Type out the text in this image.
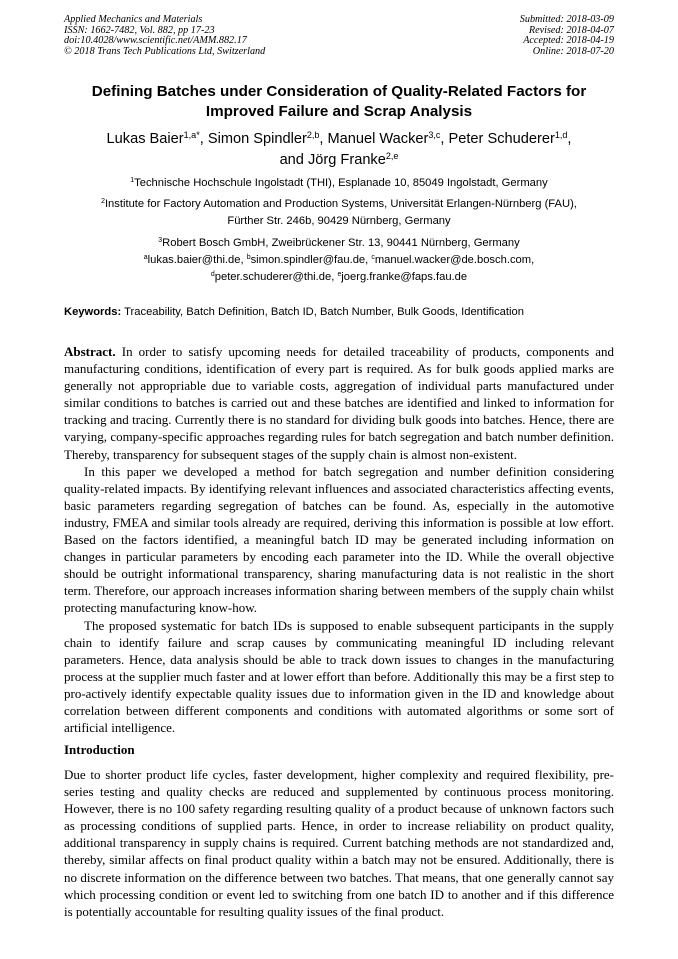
Applied Mechanics and Materials
ISSN: 1662-7482, Vol. 882, pp 17-23
doi:10.4028/www.scientific.net/AMM.882.17
© 2018 Trans Tech Publications Ltd, Switzerland
Submitted: 2018-03-09
Revised: 2018-04-07
Accepted: 2018-04-19
Online: 2018-07-20
Defining Batches under Consideration of Quality-Related Factors for
Improved Failure and Scrap Analysis
Lukas Baier$^{1,a*}$, Simon Spindler$^{2,b}$, Manuel Wacker$^{3,c}$, Peter Schuderer$^{1,d}$,
and Jörg Franke$^{2,e}$
$^1$Technische Hochschule Ingolstadt (THI), Esplanade 10, 85049 Ingolstadt, Germany
$^2$Institute for Factory Automation and Production Systems, Universität Erlangen-Nürnberg (FAU),
Fürther Str. 246b, 90429 Nürnberg, Germany
$^3$Robert Bosch GmbH, Zweibrückener Str. 13, 90441 Nürnberg, Germany
$^a$lukas.baier@thi.de, $^b$simon.spindler@fau.de, $^c$manuel.wacker@de.bosch.com,
$^d$peter.schuderer@thi.de, $^e$joerg.franke@faps.fau.de
Keywords: Traceability, Batch Definition, Batch ID, Batch Number, Bulk Goods, Identification

Abstract. In order to satisfy upcoming needs for detailed traceability of products, components and manufacturing conditions, identification of every part is required. As for bulk goods applied marks are generally not appropriable due to variable costs, aggregation of individual parts manufactured under similar conditions to batches is carried out and these batches are identified and linked to information for tracking and tracing. Currently there is no standard for dividing bulk goods into batches. Hence, there are varying, company-specific approaches regarding rules for batch segregation and batch number definition. Thereby, transparency for subsequent stages of the supply chain is almost non-existent.

In this paper we developed a method for batch segregation and number definition considering quality-related impacts. By identifying relevant influences and associated characteristics affecting events, basic parameters regarding segregation of batches can be found. As, especially in the automotive industry, FMEA and similar tools already are required, deriving this information is possible at low effort. Based on the factors identified, a meaningful batch ID may be generated including information on changes in particular parameters by encoding each parameter into the ID. While the overall objective should be outright informational transparency, sharing manufacturing data is not realistic in the short term. Therefore, our approach increases information sharing between members of the supply chain whilst protecting manufacturing know-how.

The proposed systematic for batch IDs is supposed to enable subsequent participants in the supply chain to identify failure and scrap causes by communicating meaningful ID including relevant parameters. Hence, data analysis should be able to track down issues to changes in the manufacturing process at the supplier much faster and at lower effort than before. Additionally this may be a first step to pro-actively identify expectable quality issues due to information given in the ID and knowledge about correlation between different components and conditions with automated algorithms or some sort of artificial intelligence.

Introduction

Due to shorter product life cycles, faster development, higher complexity and required flexibility, pre-series testing and quality checks are reduced and supplemented by continuous process monitoring. However, there is no 100 safety regarding resulting quality of a product because of unknown factors such as processing conditions of supplied parts. Hence, in order to increase reliability on product quality, additional transparency in supply chains is required. Current batching methods are not standardized and, thereby, similar affects on final product quality within a batch may not be ensured. Additionally, there is no discrete information on the difference between two batches. That means, that one generally cannot say which processing condition or event led to switching from one batch ID to another and if this difference is potentially accountable for resulting quality issues of the final product.
